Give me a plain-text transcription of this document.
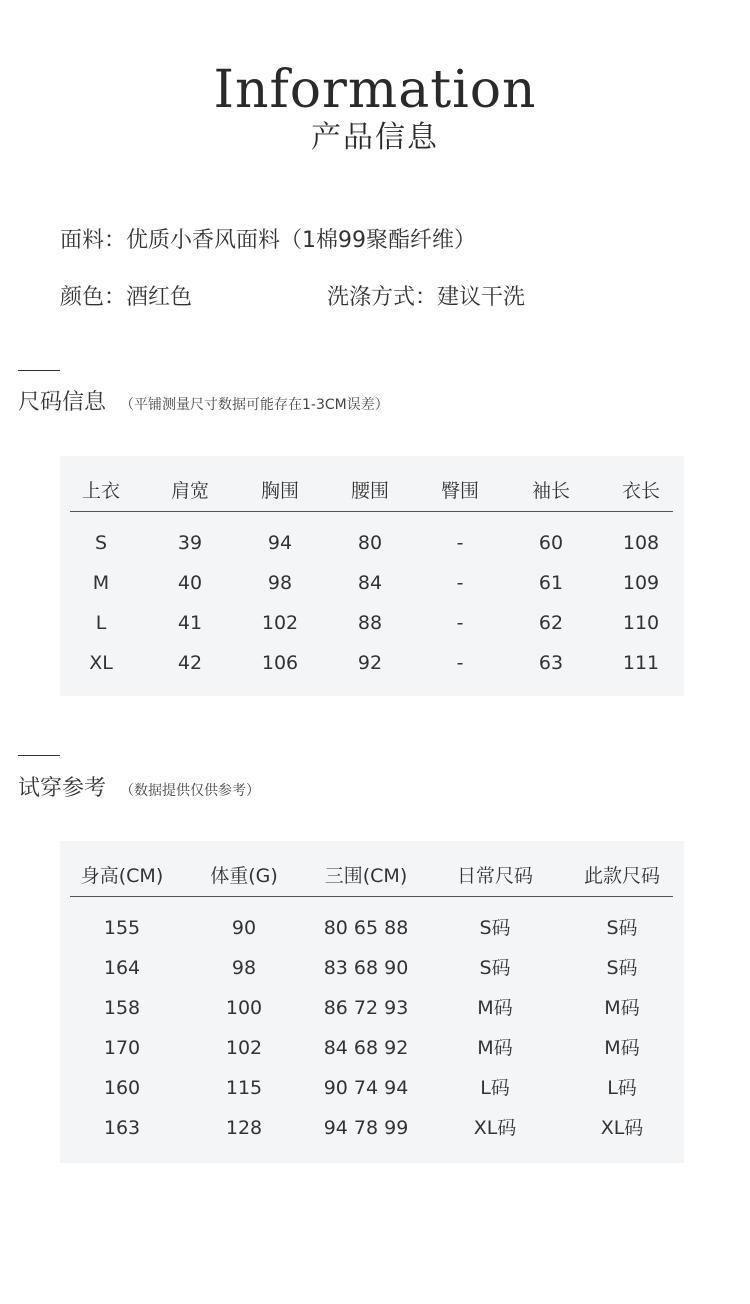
Information
产品信息
面料：优质小香风面料（1棉99聚酯纤维）
颜色：酒红色	洗涤方式：建议干洗
尺码信息 （平铺测量尺寸数据可能存在1-3CM误差）
上衣	肩宽	胸围	腰围	臀围	袖长	衣长
S	39	94	80	-	60	108
M	40	98	84	-	61	109
L	41	102	88	-	62	110
XL	42	106	92	-	63	111
试穿参考 （数据提供仅供参考）
身高(CM)	体重(G)	三围(CM)	日常尺码	此款尺码
155	90	80 65 88	S码	S码
164	98	83 68 90	S码	S码
158	100	86 72 93	M码	M码
170	102	84 68 92	M码	M码
160	115	90 74 94	L码	L码
163	128	94 78 99	XL码	XL码
